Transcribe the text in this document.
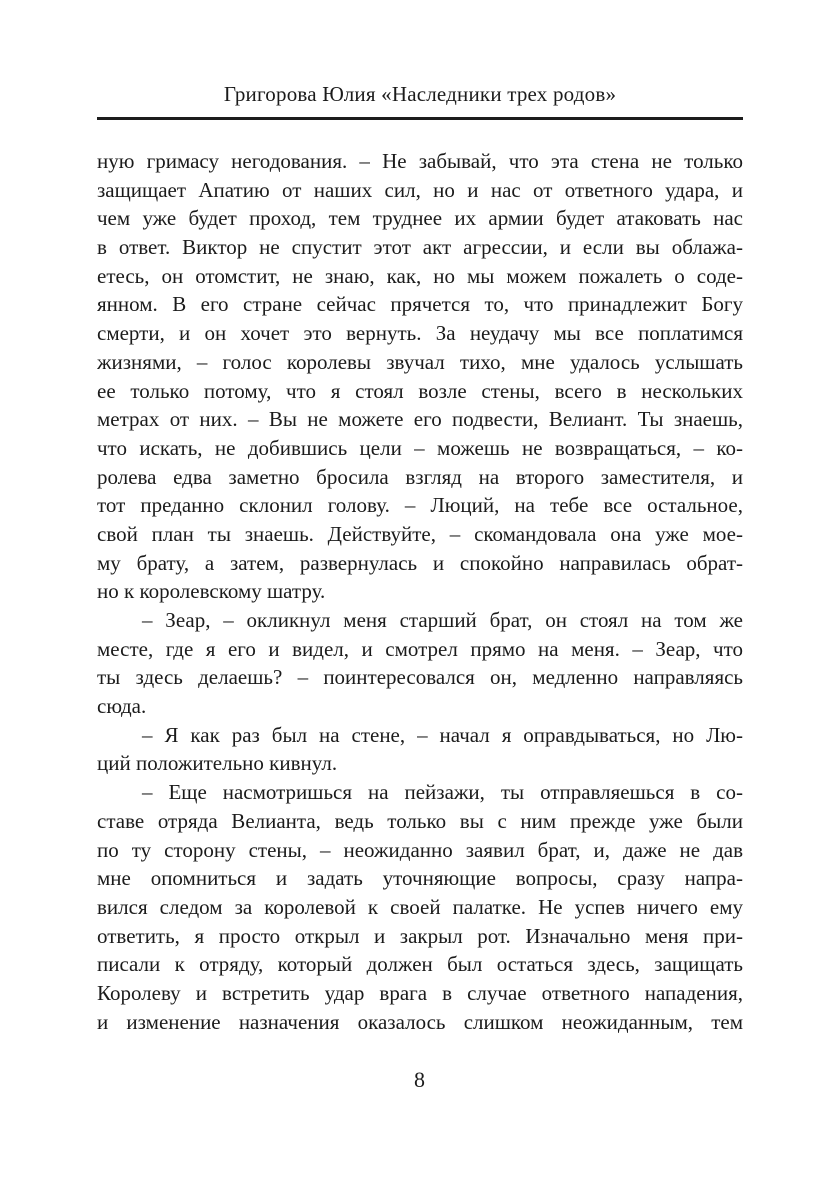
Григорова Юлия «Наследники трех родов»
ную гримасу негодования. – Не забывай, что эта стена не только
защищает Апатию от наших сил, но и нас от ответного удара, и
чем уже будет проход, тем труднее их армии будет атаковать нас
в ответ. Виктор не спустит этот акт агрессии, и если вы облажа-
етесь, он отомстит, не знаю, как, но мы можем пожалеть о соде-
янном. В его стране сейчас прячется то, что принадлежит Богу
смерти, и он хочет это вернуть. За неудачу мы все поплатимся
жизнями, – голос королевы звучал тихо, мне удалось услышать
ее только потому, что я стоял возле стены, всего в нескольких
метрах от них. – Вы не можете его подвести, Велиант. Ты знаешь,
что искать, не добившись цели – можешь не возвращаться, – ко-
ролева едва заметно бросила взгляд на второго заместителя, и
тот преданно склонил голову. – Люций, на тебе все остальное,
свой план ты знаешь. Действуйте, – скомандовала она уже мое-
му брату, а затем, развернулась и спокойно направилась обрат-
но к королевскому шатру.
– Зеар, – окликнул меня старший брат, он стоял на том же
месте, где я его и видел, и смотрел прямо на меня. – Зеар, что
ты здесь делаешь? – поинтересовался он, медленно направляясь
сюда.
– Я как раз был на стене, – начал я оправдываться, но Лю-
ций положительно кивнул.
– Еще насмотришься на пейзажи, ты отправляешься в со-
ставе отряда Велианта, ведь только вы с ним прежде уже были
по ту сторону стены, – неожиданно заявил брат, и, даже не дав
мне опомниться и задать уточняющие вопросы, сразу напра-
вился следом за королевой к своей палатке. Не успев ничего ему
ответить, я просто открыл и закрыл рот. Изначально меня при-
писали к отряду, который должен был остаться здесь, защищать
Королеву и встретить удар врага в случае ответного нападения,
и изменение назначения оказалось слишком неожиданным, тем
8
